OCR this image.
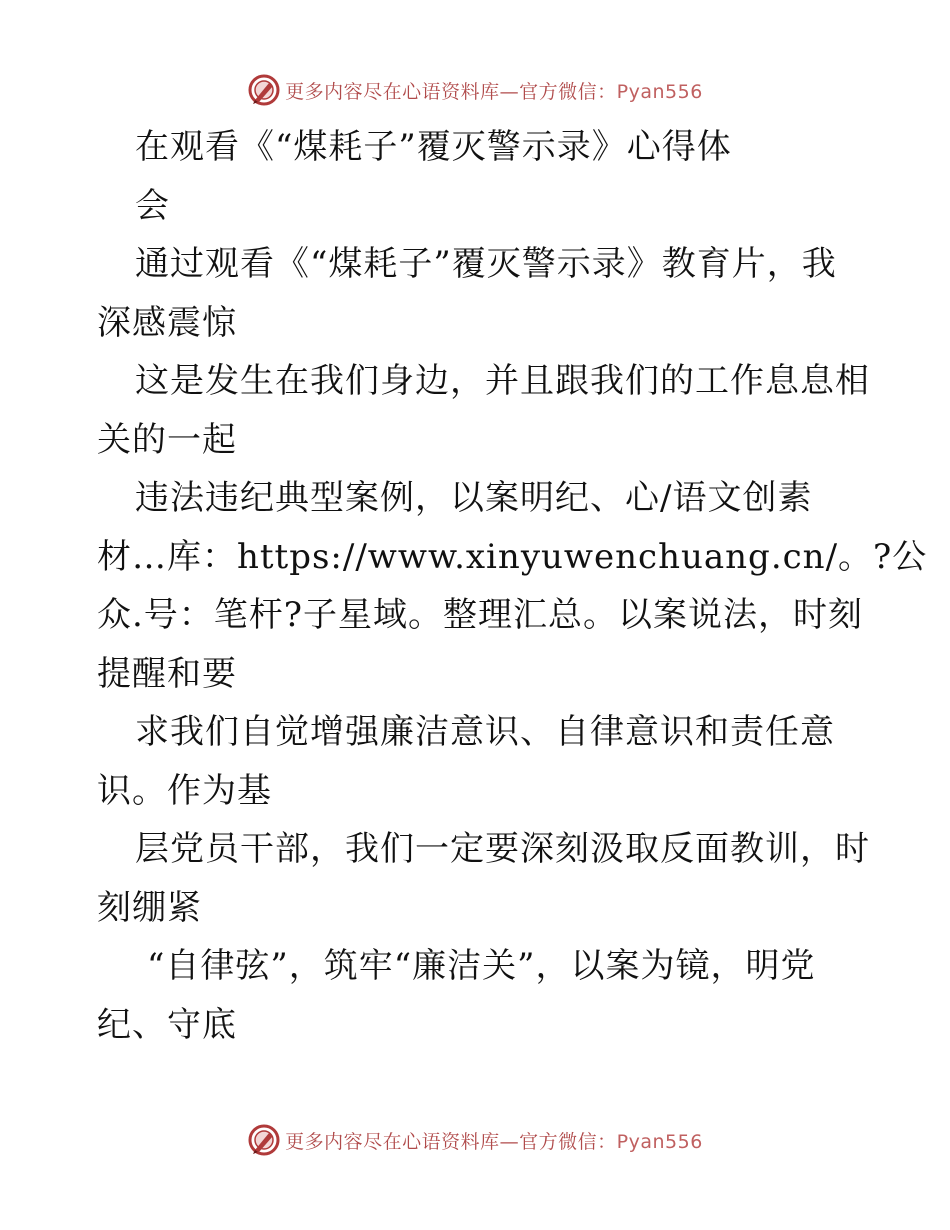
更多内容尽在心语资料库—官方微信：Pyan556
在观看《“煤耗子”覆灭警示录》心得体
会
通过观看《“煤耗子”覆灭警示录》教育片，我
深感震惊
这是发生在我们身边，并且跟我们的工作息息相
关的一起
违法违纪典型案例，以案明纪、心/语文创素
材…库：https://www.xinyuwenchuang.cn/。?公
众.号：笔杆?子星域。整理汇总。以案说法，时刻
提醒和要
求我们自觉增强廉洁意识、自律意识和责任意
识。作为基
层党员干部，我们一定要深刻汲取反面教训，时
刻绷紧
“自律弦”，筑牢“廉洁关”，以案为镜，明党
纪、守底
更多内容尽在心语资料库—官方微信：Pyan556
